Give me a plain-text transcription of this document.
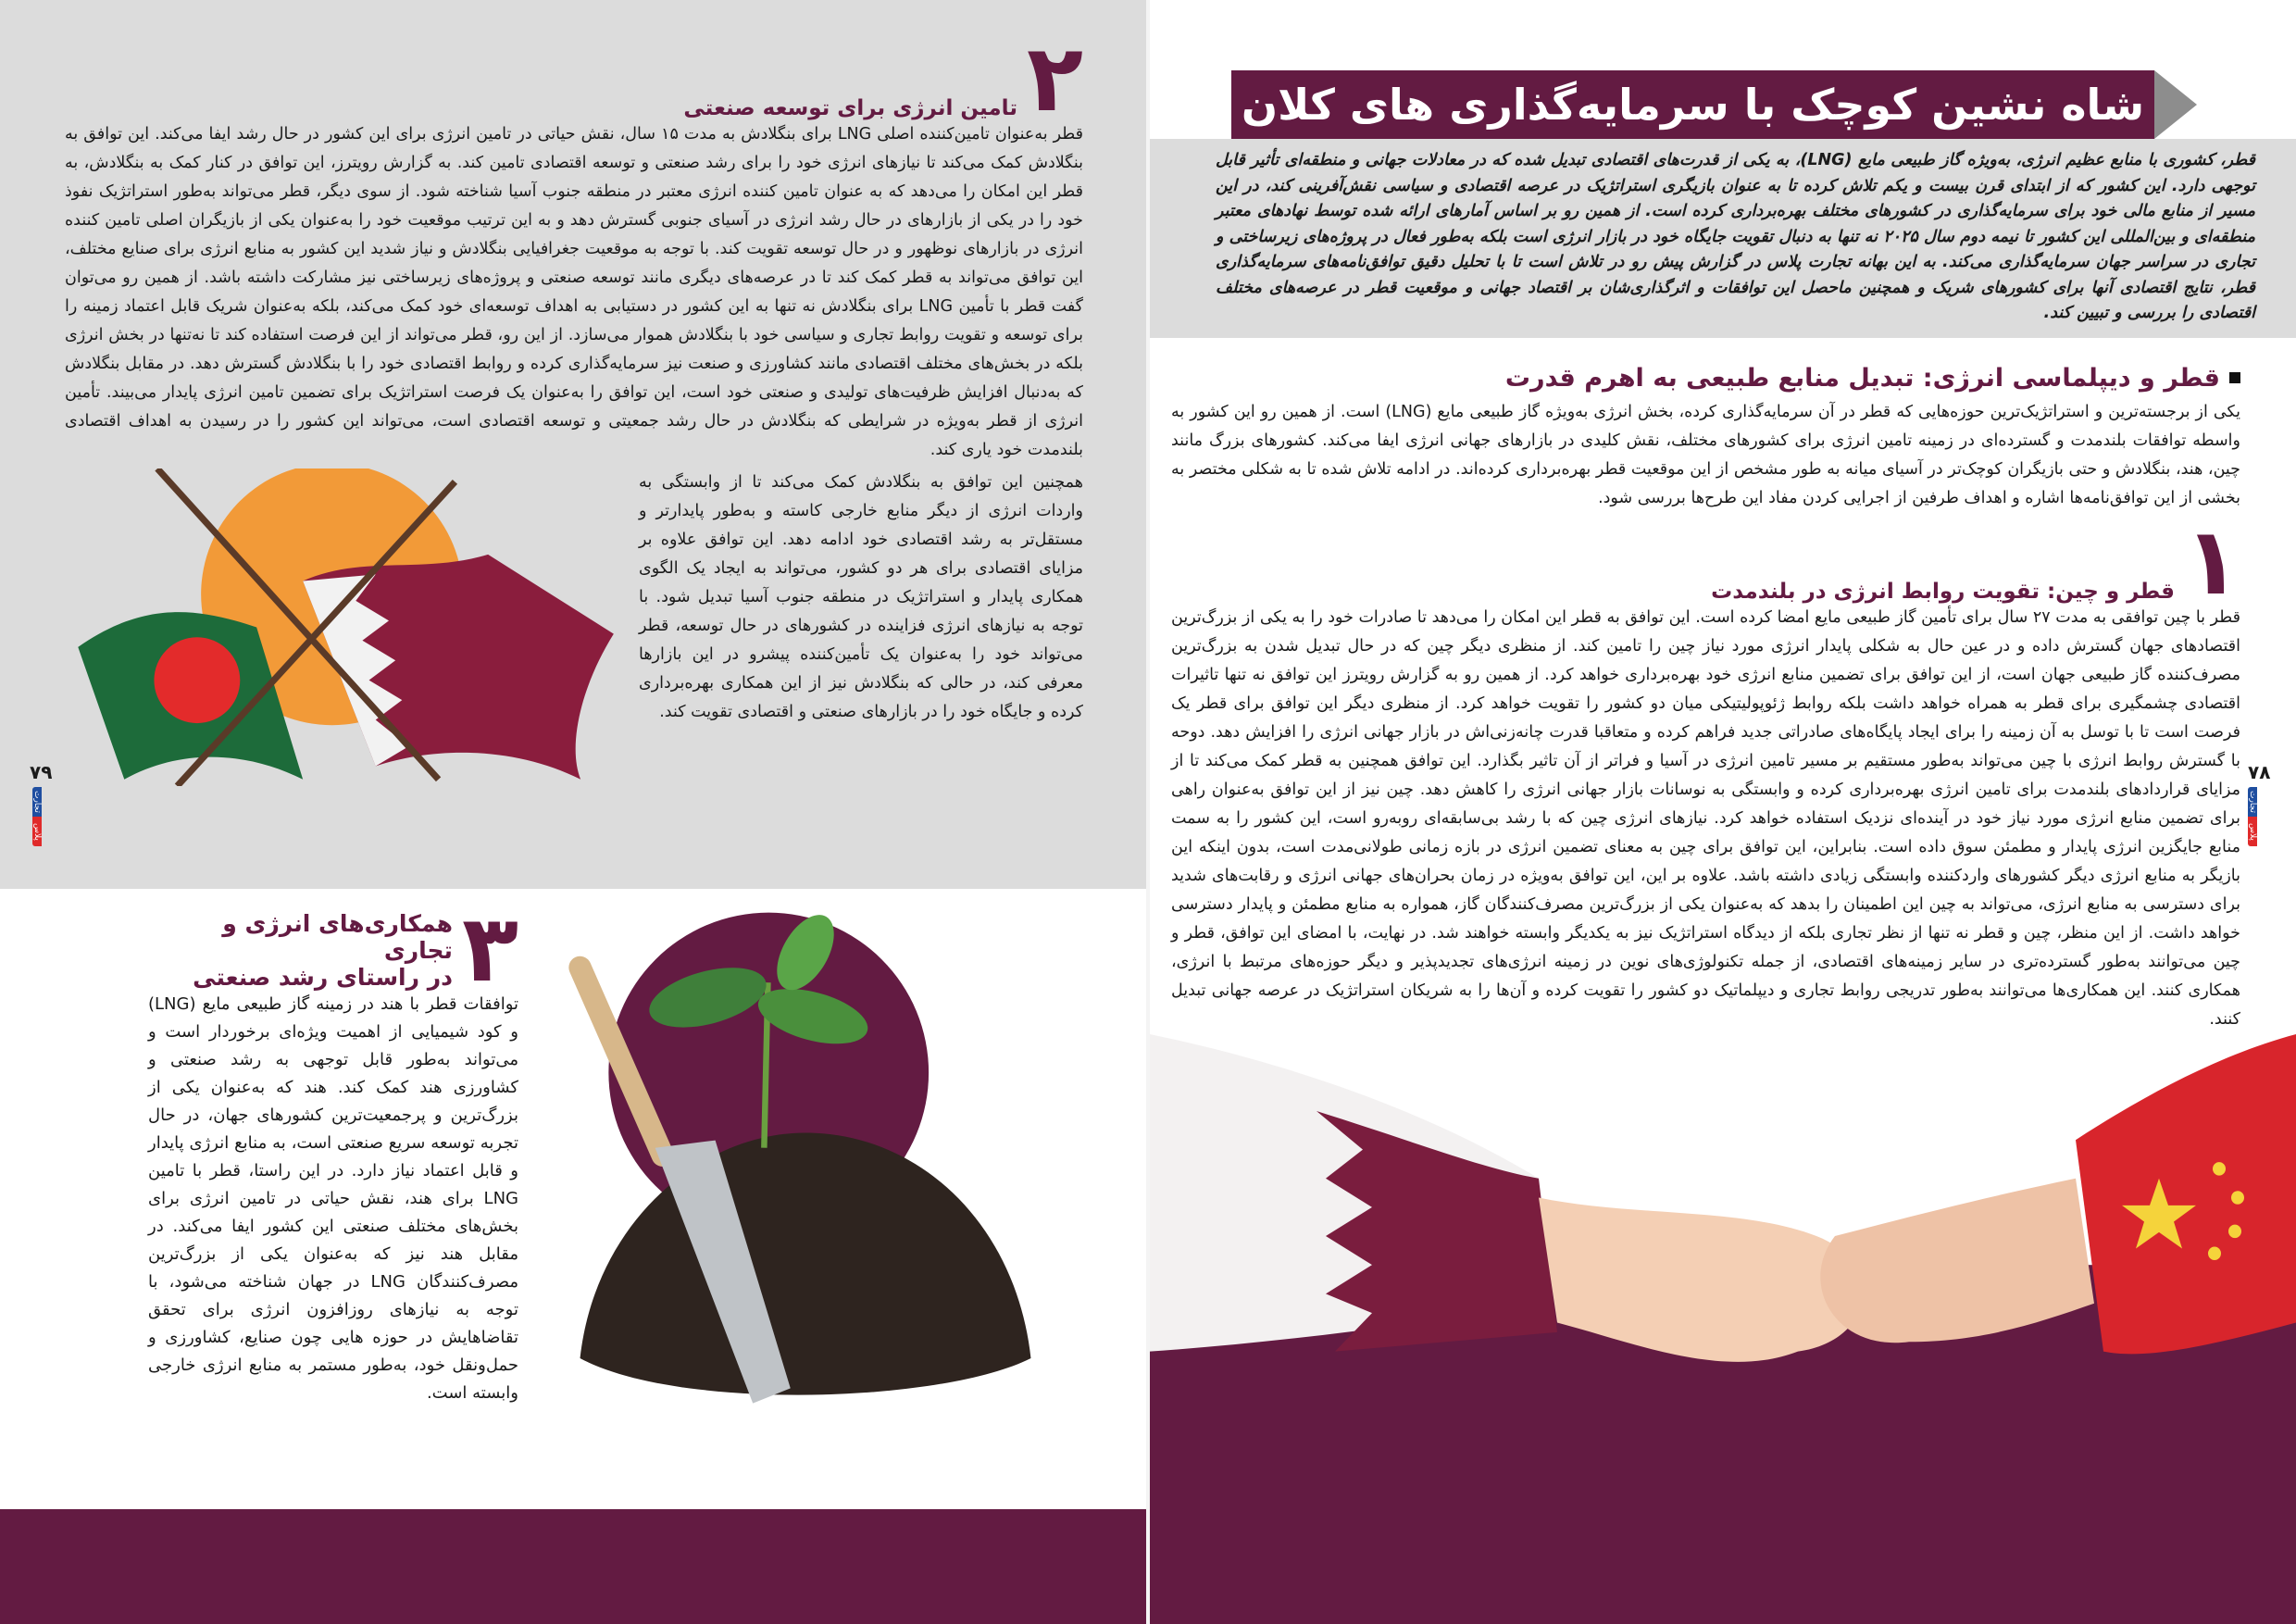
۲
تامین انرژی برای توسعه صنعتی

قطر به‌عنوان تامین‌کننده اصلی LNG برای بنگلادش به مدت ۱۵ سال، نقش حیاتی در تامین انرژی برای این کشور در حال رشد ایفا می‌کند. این توافق به بنگلادش کمک می‌کند تا نیازهای انرژی خود را برای رشد صنعتی و توسعه اقتصادی تامین کند. به گزارش رویترز، این توافق در کنار کمک به بنگلادش، به قطر این امکان را می‌دهد که به عنوان تامین کننده انرژی معتبر در منطقه جنوب آسیا شناخته شود. از سوی دیگر، قطر می‌تواند به‌طور استراتژیک نفوذ خود را در یکی از بازارهای در حال رشد انرژی در آسیای جنوبی گسترش دهد و به این ترتیب موقعیت خود را به‌عنوان یکی از بازیگران اصلی تامین کننده انرژی در بازارهای نوظهور و در حال توسعه تقویت کند. با توجه به موقعیت جغرافیایی بنگلادش و نیاز شدید این کشور به منابع انرژی برای صنایع مختلف، این توافق می‌تواند به قطر کمک کند تا در عرصه‌های دیگری مانند توسعه صنعتی و پروژه‌های زیرساختی نیز مشارکت داشته باشد. از همین رو می‌توان گفت قطر با تأمین LNG برای بنگلادش نه تنها به این کشور در دستیابی به اهداف توسعه‌ای خود کمک می‌کند، بلکه به‌عنوان شریک قابل اعتماد زمینه را برای توسعه و تقویت روابط تجاری و سیاسی خود با بنگلادش هموار می‌سازد. از این رو، قطر می‌تواند از این فرصت استفاده کند تا نه‌تنها در بخش انرژی بلکه در بخش‌های مختلف اقتصادی مانند کشاورزی و صنعت نیز سرمایه‌گذاری کرده و روابط اقتصادی خود را با بنگلادش گسترش دهد. در مقابل بنگلادش که به‌دنبال افزایش ظرفیت‌های تولیدی و صنعتی خود است، این توافق را به‌عنوان یک فرصت استراتژیک برای تضمین تامین انرژی پایدار می‌بیند. تأمین انرژی از قطر به‌ویژه در شرایطی که بنگلادش در حال رشد جمعیتی و توسعه اقتصادی است، می‌تواند این کشور را در رسیدن به اهداف اقتصادی بلندمدت خود یاری کند.

همچنین این توافق به بنگلادش کمک می‌کند تا از وابستگی به واردات انرژی از دیگر منابع خارجی کاسته و به‌طور پایدارتر و مستقل‌تر به رشد اقتصادی خود ادامه دهد. این توافق علاوه بر مزایای اقتصادی برای هر دو کشور، می‌تواند به ایجاد یک الگوی همکاری پایدار و استراتژیک در منطقه جنوب آسیا تبدیل شود. با توجه به نیازهای انرژی فزاینده در کشورهای در حال توسعه، قطر می‌تواند خود را به‌عنوان یک تأمین‌کننده پیشرو در این بازارها معرفی کند، در حالی که بنگلادش نیز از این همکاری بهره‌برداری کرده و جایگاه خود را در بازارهای صنعتی و اقتصادی تقویت کند.

۳
همکاری‌های انرژی و تجاری
در راستای رشد صنعتی

توافقات قطر با هند در زمینه گاز طبیعی مایع (LNG) و کود شیمیایی از اهمیت ویژه‌ای برخوردار است و می‌تواند به‌طور قابل توجهی به رشد صنعتی و کشاورزی هند کمک کند. هند که به‌عنوان یکی از بزرگ‌ترین و پرجمعیت‌ترین کشورهای جهان، در حال تجربه توسعه سریع صنعتی است، به منابع انرژی پایدار و قابل اعتماد نیاز دارد. در این راستا، قطر با تامین LNG برای هند، نقش حیاتی در تامین انرژی برای بخش‌های مختلف صنعتی این کشور ایفا می‌کند. در مقابل هند نیز که به‌عنوان یکی از بزرگ‌ترین مصرف‌کنندگان LNG در جهان شناخته می‌شود، با توجه به نیازهای روزافزون انرژی برای تحقق تقاضاهایش در حوزه هایی چون صنایع، کشاورزی و حمل‌ونقل خود، به‌طور مستمر به منابع انرژی خارجی وابسته است.

۷۹
تجارت
پلاس
شاه نشین کوچک با سرمایه‌گذاری های کلان

قطر، کشوری با منابع عظیم انرژی، به‌ویژه گاز طبیعی مایع (LNG)، به یکی از قدرت‌های اقتصادی تبدیل شده که در معادلات جهانی و منطقه‌ای تأثیر قابل توجهی دارد. این کشور که از ابتدای قرن بیست و یکم تلاش کرده تا به عنوان بازیگری استراتژیک در عرصه اقتصادی و سیاسی نقش‌آفرینی کند، در این مسیر از منابع مالی خود برای سرمایه‌گذاری در کشورهای مختلف بهره‌برداری کرده است. از همین رو بر اساس آمارهای ارائه شده توسط نهادهای معتبر منطقه‌ای و بین‌المللی این کشور تا نیمه دوم سال ۲۰۲۵ نه تنها به دنبال تقویت جایگاه خود در بازار انرژی است بلکه به‌طور فعال در پروژه‌های زیرساختی و تجاری در سراسر جهان سرمایه‌گذاری می‌کند. به این بهانه تجارت پلاس در گزارش پیش رو در تلاش است تا با تحلیل دقیق توافق‌نامه‌های سرمایه‌گذاری قطر، نتایج اقتصادی آنها برای کشورهای شریک و همچنین ماحصل این توافقات و اثرگذاری‌شان بر اقتصاد جهانی و موقعیت قطر در عرصه‌های مختلف اقتصادی را بررسی و تبیین کند.

قطر و دیپلماسی انرژی: تبدیل منابع طبیعی به اهرم قدرت

یکی از برجسته‌ترین و استراتژیک‌ترین حوزه‌هایی که قطر در آن سرمایه‌گذاری کرده، بخش انرژی به‌ویژه گاز طبیعی مایع (LNG) است. از همین رو این کشور به واسطه توافقات بلندمدت و گسترده‌ای در زمینه تامین انرژی برای کشورهای مختلف، نقش کلیدی در بازارهای جهانی انرژی ایفا می‌کند. کشورهای بزرگ مانند چین، هند، بنگلادش و حتی بازیگران کوچک‌تر در آسیای میانه به طور مشخص از این موقعیت قطر بهره‌برداری کرده‌اند. در ادامه تلاش شده تا به شکلی مختصر به بخشی از این توافق‌نامه‌ها اشاره و اهداف طرفین از اجرایی کردن مفاد این طرح‌ها بررسی شود.

۱
قطر و چین: تقویت روابط انرژی در بلندمدت

قطر با چین توافقی به مدت ۲۷ سال برای تأمین گاز طبیعی مایع امضا کرده است. این توافق به قطر این امکان را می‌دهد تا صادرات خود را به یکی از بزرگ‌ترین اقتصادهای جهان گسترش داده و در عین حال به شکلی پایدار انرژی مورد نیاز چین را تامین کند. از منظری دیگر چین که در حال تبدیل شدن به بزرگ‌ترین مصرف‌کننده گاز طبیعی جهان است، از این توافق برای تضمین منابع انرژی خود بهره‌برداری خواهد کرد. از همین رو به گزارش رویترز این توافق نه تنها تاثیرات اقتصادی چشمگیری برای قطر به همراه خواهد داشت بلکه روابط ژئوپولیتیکی میان دو کشور را تقویت خواهد کرد. از منظری دیگر این توافق برای قطر یک فرصت است تا با توسل به آن زمینه را برای ایجاد پایگاه‌های صادراتی جدید فراهم کرده و متعاقبا قدرت چانه‌زنی‌اش در بازار جهانی انرژی را افزایش دهد. دوحه با گسترش روابط انرژی با چین می‌تواند به‌طور مستقیم بر مسیر تامین انرژی در آسیا و فراتر از آن تاثیر بگذارد. این توافق همچنین به قطر کمک می‌کند تا از مزایای قراردادهای بلندمدت برای تامین انرژی بهره‌برداری کرده و وابستگی به نوسانات بازار جهانی انرژی را کاهش دهد. چین نیز از این توافق به‌عنوان راهی برای تضمین منابع انرژی مورد نیاز خود در آینده‌ای نزدیک استفاده خواهد کرد. نیازهای انرژی چین که با رشد بی‌سابقه‌ای روبه‌رو است، این کشور را به سمت منابع جایگزین انرژی پایدار و مطمئن سوق داده است. بنابراین، این توافق برای چین به معنای تضمین انرژی در بازه زمانی طولانی‌مدت است، بدون اینکه این بازیگر به منابع انرژی دیگر کشورهای واردکننده وابستگی زیادی داشته باشد. علاوه بر این، این توافق به‌ویژه در زمان بحران‌های جهانی انرژی و رقابت‌های شدید برای دسترسی به منابع انرژی، می‌تواند به چین این اطمینان را بدهد که به‌عنوان یکی از بزرگ‌ترین مصرف‌کنندگان گاز، همواره به منابع مطمئن و پایدار دسترسی خواهد داشت. از این منظر، چین و قطر نه تنها از نظر تجاری بلکه از دیدگاه استراتژیک نیز به یکدیگر وابسته خواهند شد. در نهایت، با امضای این توافق، قطر و چین می‌توانند به‌طور گسترده‌تری در سایر زمینه‌های اقتصادی، از جمله تکنولوژی‌های نوین در زمینه انرژی‌های تجدیدپذیر و دیگر حوزه‌های مرتبط با انرژی، همکاری کنند. این همکاری‌ها می‌توانند به‌طور تدریجی روابط تجاری و دیپلماتیک دو کشور را تقویت کرده و آن‌ها را به شریکان استراتژیک در عرصه جهانی تبدیل کنند.

۷۸
تجارت
پلاس
